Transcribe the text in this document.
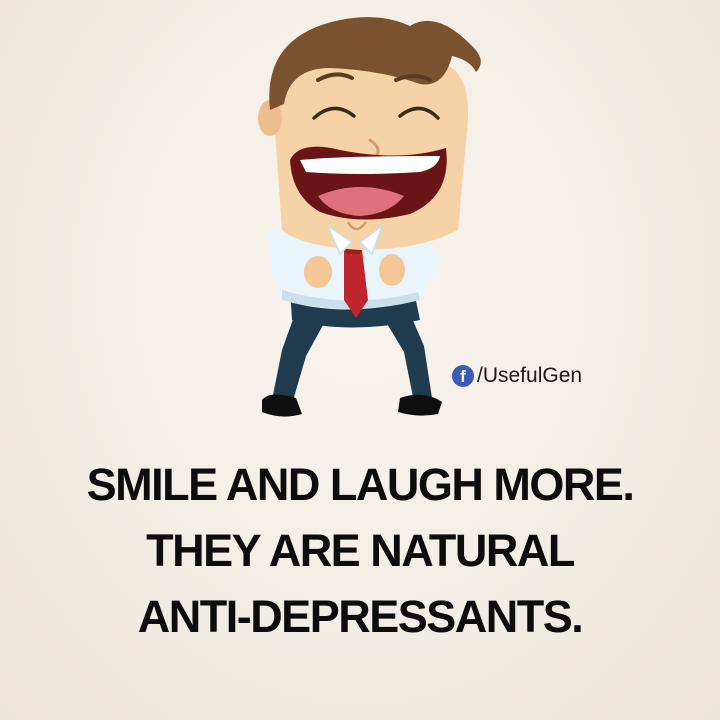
f /UsefulGen
SMILE AND LAUGH MORE.
THEY ARE NATURAL
ANTI-DEPRESSANTS.
